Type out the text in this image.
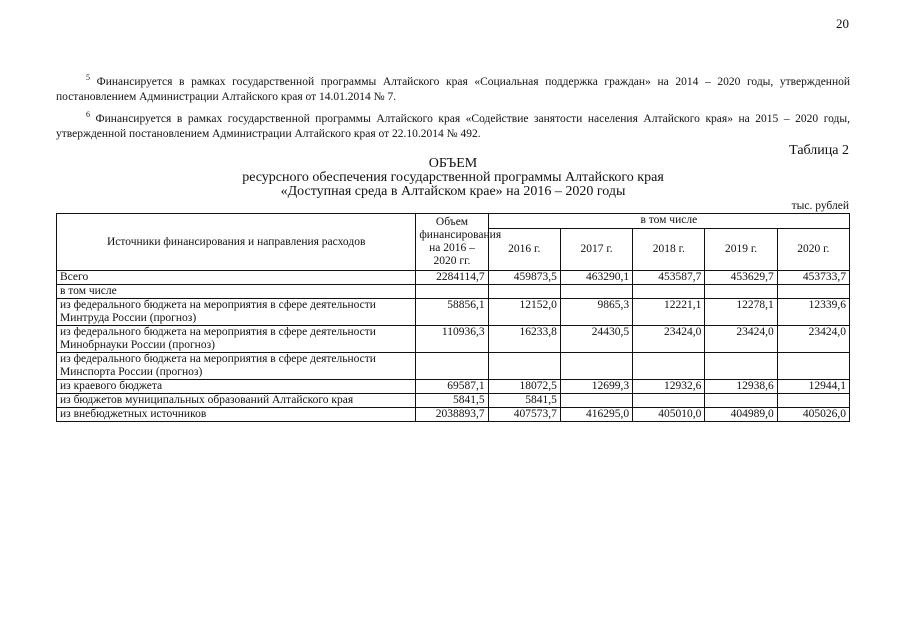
20

$^5$ Финансируется в рамках государственной программы Алтайского края «Социальная поддержка граждан» на 2014 – 2020 годы, утвержденной постановлением Администрации Алтайского края от 14.01.2014 № 7.

$^6$ Финансируется в рамках государственной программы Алтайского края «Содействие занятости населения Алтайского края» на 2015 – 2020 годы, утвержденной постановлением Администрации Алтайского края от 22.10.2014 № 492.

Таблица 2
ОБЪЕМ
ресурсного обеспечения государственной программы Алтайского края
«Доступная среда в Алтайском крае» на 2016 – 2020 годы
тыс. рублей
Источники финансирования и направления расходов	Объем финансирования на 2016 – 2020 гг.	в том числе				
		2016 г.	2017 г.	2018 г.	2019 г.	2020 г.
Всего	2284114,7	459873,5	463290,1	453587,7	453629,7	453733,7
в том числе						
из федерального бюджета на мероприятия в сфере деятельности Минтруда России (прогноз)	58856,1	12152,0	9865,3	12221,1	12278,1	12339,6
из федерального бюджета на мероприятия в сфере деятельности Минобрнауки России (прогноз)	110936,3	16233,8	24430,5	23424,0	23424,0	23424,0
из федерального бюджета на мероприятия в сфере деятельности Минспорта России (прогноз)						
из краевого бюджета	69587,1	18072,5	12699,3	12932,6	12938,6	12944,1
из бюджетов муниципальных образований Алтайского края	5841,5	5841,5				
из внебюджетных источников	2038893,7	407573,7	416295,0	405010,0	404989,0	405026,0
